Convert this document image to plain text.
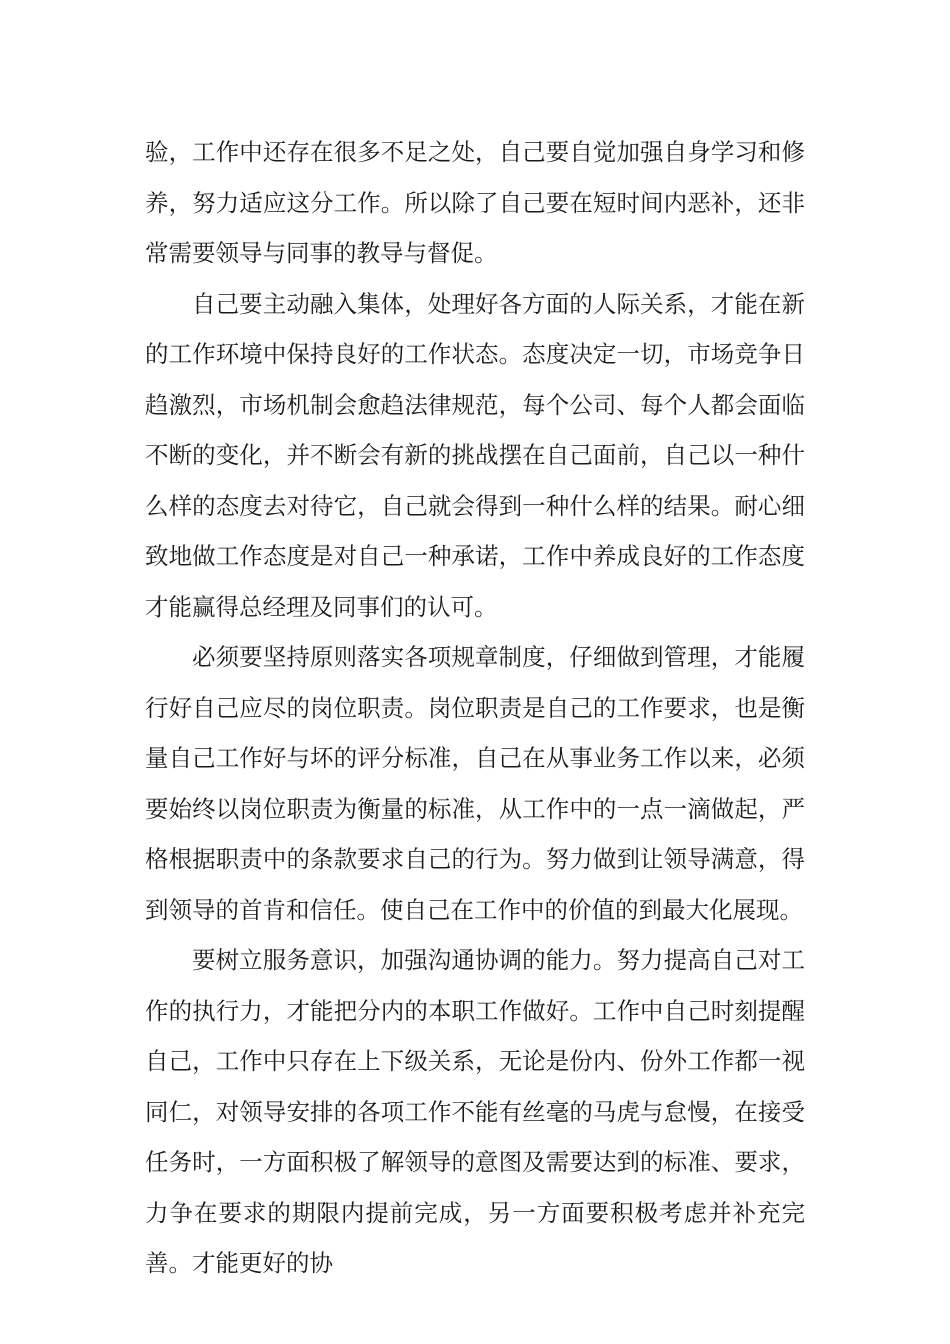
验，工作中还存在很多不足之处，自己要自觉加强自身学习和修养，努力适应这分工作。所以除了自己要在短时间内恶补，还非常需要领导与同事的教导与督促。

自己要主动融入集体，处理好各方面的人际关系，才能在新的工作环境中保持良好的工作状态。态度决定一切，市场竞争日趋激烈，市场机制会愈趋法律规范，每个公司、每个人都会面临不断的变化，并不断会有新的挑战摆在自己面前，自己以一种什么样的态度去对待它，自己就会得到一种什么样的结果。耐心细致地做工作态度是对自己一种承诺，工作中养成良好的工作态度才能赢得总经理及同事们的认可。

必须要坚持原则落实各项规章制度，仔细做到管理，才能履行好自己应尽的岗位职责。岗位职责是自己的工作要求，也是衡量自己工作好与坏的评分标准，自己在从事业务工作以来，必须要始终以岗位职责为衡量的标准，从工作中的一点一滴做起，严格根据职责中的条款要求自己的行为。努力做到让领导满意，得到领导的首肯和信任。使自己在工作中的价值的到最大化展现。

要树立服务意识，加强沟通协调的能力。努力提高自己对工作的执行力，才能把分内的本职工作做好。工作中自己时刻提醒自己，工作中只存在上下级关系，无论是份内、份外工作都一视同仁，对领导安排的各项工作不能有丝毫的马虎与怠慢，在接受任务时，一方面积极了解领导的意图及需要达到的标准、要求，力争在要求的期限内提前完成，另一方面要积极考虑并补充完善。才能更好的协
